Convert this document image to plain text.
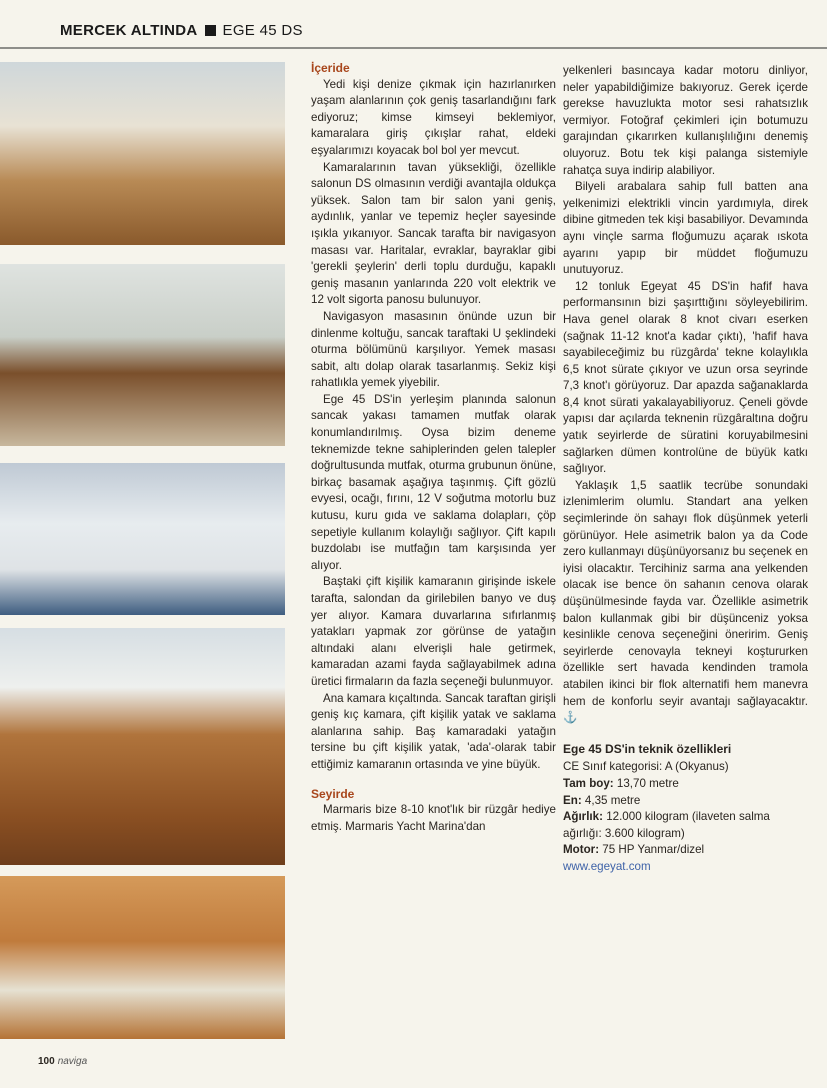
MERCEK ALTINDA EGE 45 DS
İçeride

Yedi kişi denize çıkmak için hazırlanırken yaşam alanlarının çok geniş tasarlandığını fark ediyoruz; kimse kimseyi beklemiyor, kamaralara giriş çıkışlar rahat, eldeki eşyalarımızı koyacak bol bol yer mevcut.

Kamaralarının tavan yüksekliği, özellikle salonun DS olmasının verdiği avantajla oldukça yüksek. Salon tam bir salon yani geniş, aydınlık, yanlar ve tepemiz heçler sayesinde ışıkla yıkanıyor. Sancak tarafta bir navigasyon masası var. Haritalar, evraklar, bayraklar gibi 'gerekli şeylerin' derli toplu durduğu, kapaklı geniş masanın yanlarında 220 volt elektrik ve 12 volt sigorta panosu bulunuyor.

Navigasyon masasının önünde uzun bir dinlenme koltuğu, sancak taraftaki U şeklindeki oturma bölümünü karşılıyor. Yemek masası sabit, altı dolap olarak tasarlanmış. Sekiz kişi rahatlıkla yemek yiyebilir.

Ege 45 DS'in yerleşim planında salonun sancak yakası tamamen mutfak olarak konumlandırılmış. Oysa bizim deneme teknemizde tekne sahiplerinden gelen talepler doğrultusunda mutfak, oturma grubunun önüne, birkaç basamak aşağıya taşınmış. Çift gözlü evyesi, ocağı, fırını, 12 V soğutma motorlu buz kutusu, kuru gıda ve saklama dolapları, çöp sepetiyle kullanım kolaylığı sağlıyor. Çift kapılı buzdolabı ise mutfağın tam karşısında yer alıyor.

Baştaki çift kişilik kamaranın girişinde iskele tarafta, salondan da girilebilen banyo ve duş yer alıyor. Kamara duvarlarına sıfırlanmış yatakları yapmak zor görünse de yatağın altındaki alanı elverişli hale getirmek, kamaradan azami fayda sağlayabilmek adına üretici firmaların da fazla seçeneği bulunmuyor.

Ana kamara kıçaltında. Sancak taraftan girişli geniş kıç kamara, çift kişilik yatak ve saklama alanlarına sahip. Baş kamaradaki yatağın tersine bu çift kişilik yatak, 'ada'-olarak tabir ettiğimiz kamaranın ortasında ve yine büyük.

Seyirde

Marmaris bize 8-10 knot'lık bir rüzgâr hediye etmiş. Marmaris Yacht Marina'dan

yelkenleri basıncaya kadar motoru dinliyor, neler yapabildiğimize bakıyoruz. Gerek içerde gerekse havuzlukta motor sesi rahatsızlık vermiyor. Fotoğraf çekimleri için botumuzu garajından çıkarırken kullanışlılığını denemiş oluyoruz. Botu tek kişi palanga sistemiyle rahatça suya indirip alabiliyor.

Bilyeli arabalara sahip full batten ana yelkenimizi elektrikli vincin yardımıyla, direk dibine gitmeden tek kişi basabiliyor. Devamında aynı vinçle sarma floğumuzu açarak ıskota ayarını yapıp bir müddet floğumuzu unutuyoruz.

12 tonluk Egeyat 45 DS'in hafif hava performansının bizi şaşırttığını söyleyebilirim. Hava genel olarak 8 knot civarı eserken (sağnak 11-12 knot'a kadar çıktı), 'hafif hava sayabileceğimiz bu rüzgârda' tekne kolaylıkla 6,5 knot sürate çıkıyor ve uzun orsa seyrinde 7,3 knot'ı görüyoruz. Dar apazda sağanaklarda 8,4 knot sürati yakalayabiliyoruz. Çeneli gövde yapısı dar açılarda teknenin rüzgâraltına doğru yatık seyirlerde de süratini koruyabilmesini sağlarken dümen kontrolüne de büyük katkı sağlıyor.

Yaklaşık 1,5 saatlik tecrübe sonundaki izlenimlerim olumlu. Standart ana yelken seçimlerinde ön sahayı flok düşünmek yeterli görünüyor. Hele asimetrik balon ya da Code zero kullanmayı düşünüyorsanız bu seçenek en iyisi olacaktır. Tercihiniz sarma ana yelkenden olacak ise bence ön sahanın cenova olarak düşünülmesinde fayda var. Özellikle asimetrik balon kullanmak gibi bir düşünceniz yoksa kesinlikle cenova seçeneğini öneririm. Geniş seyirlerde cenovayla tekneyi koştururken özellikle sert havada kendinden tramola atabilen ikinci bir flok alternatifi hem manevra hem de konforlu seyir avantajı sağlayacaktır. ⚓

Ege 45 DS'in teknik özellikleri
CE Sınıf kategorisi: A (Okyanus)
Tam boy: 13,70 metre
En: 4,35 metre
Ağırlık: 12.000 kilogram (ilaveten salma ağırlığı: 3.600 kilogram)
Motor: 75 HP Yanmar/dizel
www.egeyat.com
100 naviga
